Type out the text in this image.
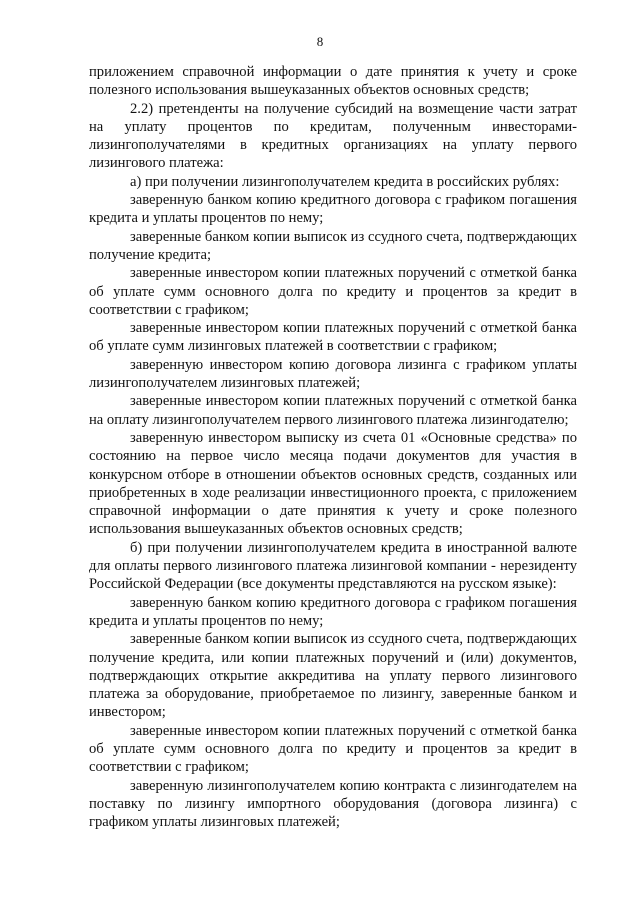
8

приложением справочной информации о дате принятия к учету и сроке полезного использования вышеуказанных объектов основных средств;

2.2) претенденты на получение субсидий на возмещение части затрат на уплату процентов по кредитам, полученным инвесторами-лизингополучателями в кредитных организациях на уплату первого лизингового платежа:

а) при получении лизингополучателем кредита в российских рублях:

заверенную банком копию кредитного договора с графиком погашения кредита и уплаты процентов по нему;

заверенные банком копии выписок из ссудного счета, подтверждающих получение кредита;

заверенные инвестором копии платежных поручений с отметкой банка об уплате сумм основного долга по кредиту и процентов за кредит в соответствии с графиком;

заверенные инвестором копии платежных поручений с отметкой банка об уплате сумм лизинговых платежей в соответствии с графиком;

заверенную инвестором копию договора лизинга с графиком уплаты лизингополучателем лизинговых платежей;

заверенные инвестором копии платежных поручений с отметкой банка на оплату лизингополучателем первого лизингового платежа лизингодателю;

заверенную инвестором выписку из счета 01 «Основные средства» по состоянию на первое число месяца подачи документов для участия в конкурсном отборе в отношении объектов основных средств, созданных или приобретенных в ходе реализации инвестиционного проекта, с приложением справочной информации о дате принятия к учету и сроке полезного использования вышеуказанных объектов основных средств;

б) при получении лизингополучателем кредита в иностранной валюте для оплаты первого лизингового платежа лизинговой компании - нерезиденту Российской Федерации (все документы представляются на русском языке):

заверенную банком копию кредитного договора с графиком погашения кредита и уплаты процентов по нему;

заверенные банком копии выписок из ссудного счета, подтверждающих получение кредита, или копии платежных поручений и (или) документов, подтверждающих открытие аккредитива на уплату первого лизингового платежа за оборудование, приобретаемое по лизингу, заверенные банком и инвестором;

заверенные инвестором копии платежных поручений с отметкой банка об уплате сумм основного долга по кредиту и процентов за кредит в соответствии с графиком;

заверенную лизингополучателем копию контракта с лизингодателем на поставку по лизингу импортного оборудования (договора лизинга) с графиком уплаты лизинговых платежей;
